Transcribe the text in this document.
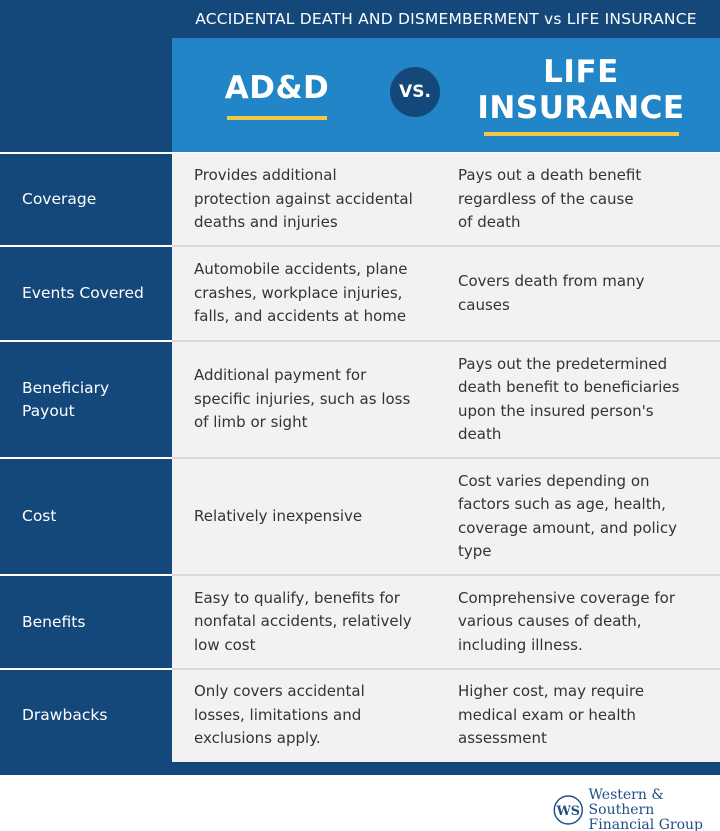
ACCIDENTAL DEATH AND DISMEMBERMENT vs LIFE INSURANCE
AD&D	VS.
LIFE
INSURANCE
Coverage
Provides additional
protection against accidental
deaths and injuries
Pays out a death benefit
regardless of the cause
of death
Events Covered
Automobile accidents, plane
crashes, workplace injuries,
falls, and accidents at home
Covers death from many
causes
Beneficiary
Payout
Additional payment for
specific injuries, such as loss
of limb or sight
Pays out the predetermined
death benefit to beneficiaries
upon the insured person's
death
Cost	Relatively inexpensive
Cost varies depending on
factors such as age, health,
coverage amount, and policy
type
Benefits
Easy to qualify, benefits for
nonfatal accidents, relatively
low cost
Comprehensive coverage for
various causes of death,
including illness.
Drawbacks
Only covers accidental
losses, limitations and
exclusions apply.
Higher cost, may require
medical exam or health
assessment
WS
Western & Southern
Financial Group
